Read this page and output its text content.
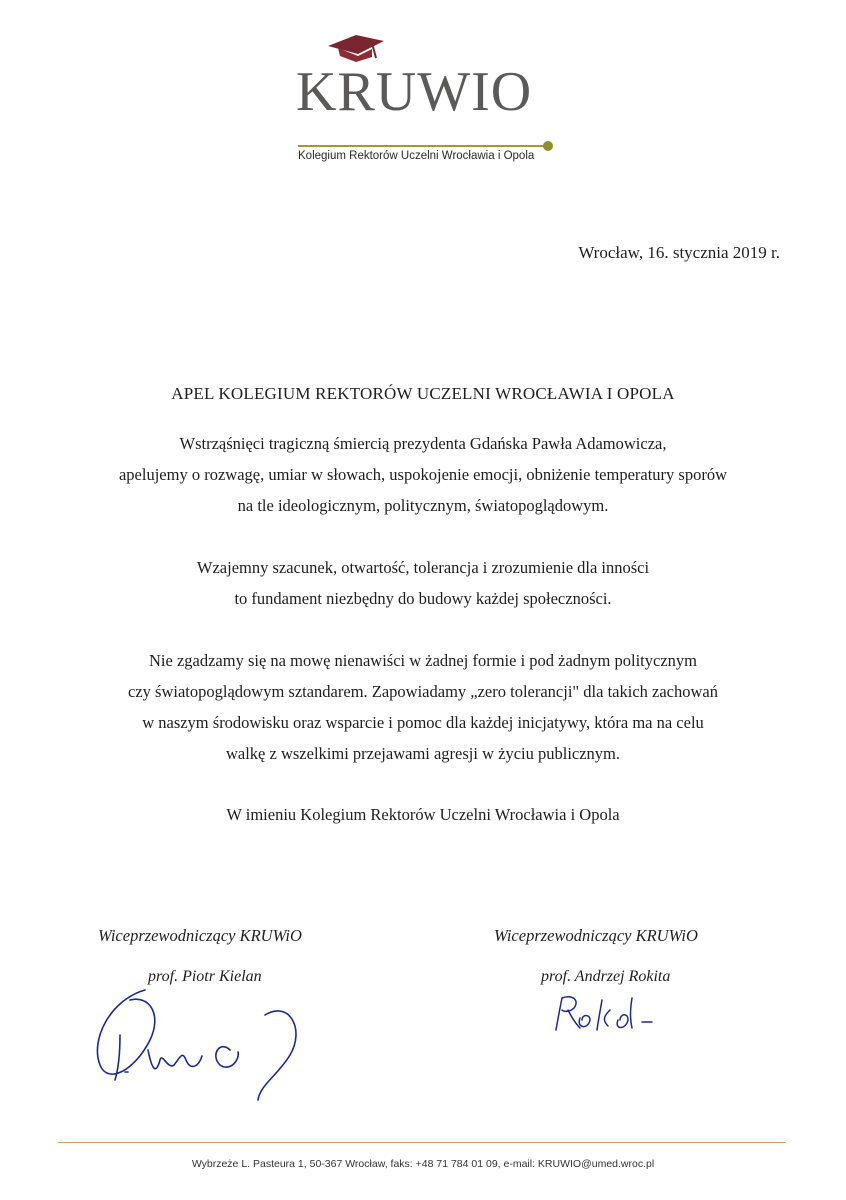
KRUWIO
Kolegium Rektorów Uczelni Wrocławia i Opola
Wrocław, 16. stycznia 2019 r.
APEL KOLEGIUM REKTORÓW UCZELNI WROCŁAWIA I OPOLA
Wstrząśnięci tragiczną śmiercią prezydenta Gdańska Pawła Adamowicza,
apelujemy o rozwagę, umiar w słowach, uspokojenie emocji, obniżenie temperatury sporów
na tle ideologicznym, politycznym, światopoglądowym.
Wzajemny szacunek, otwartość, tolerancja i zrozumienie dla inności
to fundament niezbędny do budowy każdej społeczności.
Nie zgadzamy się na mowę nienawiści w żadnej formie i pod żadnym politycznym
czy światopoglądowym sztandarem. Zapowiadamy „zero tolerancji" dla takich zachowań
w naszym środowisku oraz wsparcie i pomoc dla każdej inicjatywy, która ma na celu
walkę z wszelkimi przejawami agresji w życiu publicznym.
W imieniu Kolegium Rektorów Uczelni Wrocławia i Opola
Wiceprzewodniczący KRUWiO
prof. Piotr Kielan
Wiceprzewodniczący KRUWiO
prof. Andrzej Rokita
Wybrzeże L. Pasteura 1, 50-367 Wrocław, faks: +48 71 784 01 09, e-mail: KRUWIO@umed.wroc.pl
